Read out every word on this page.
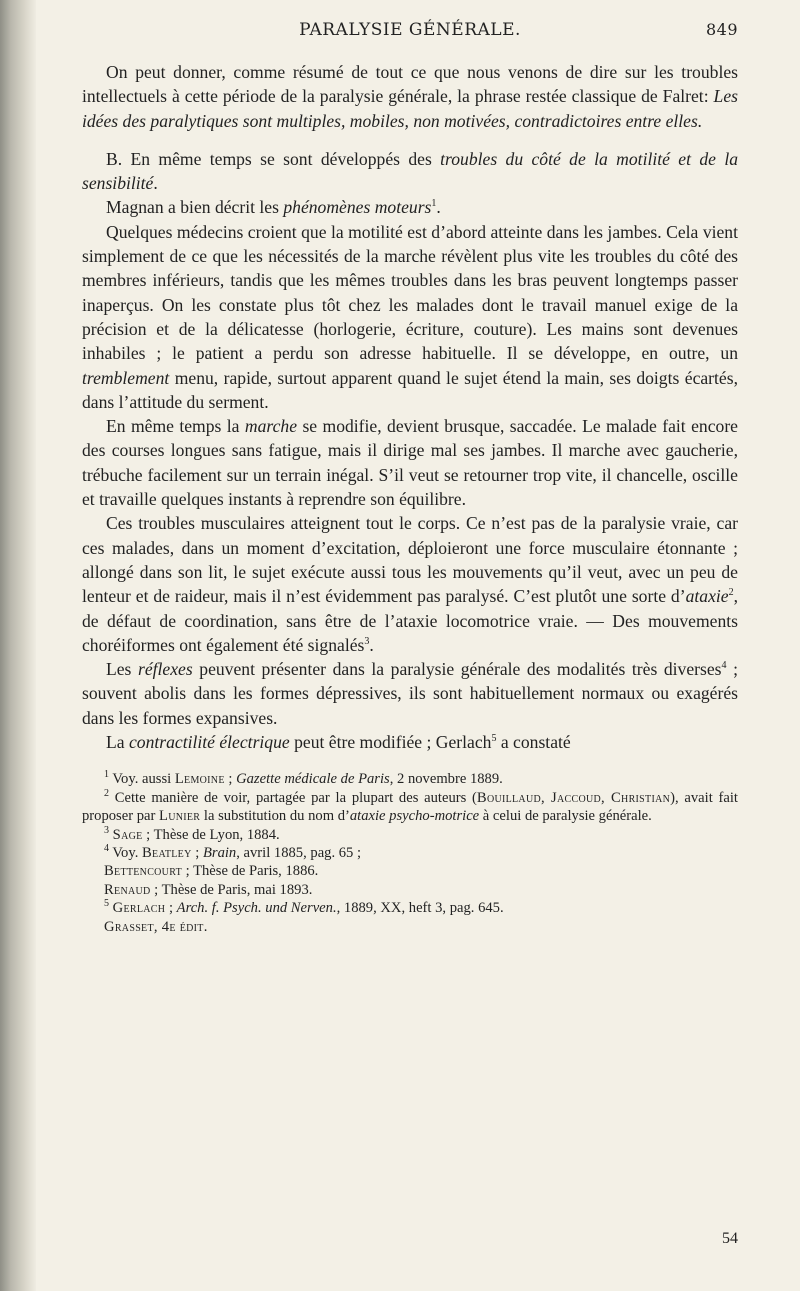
PARALYSIE GÉNÉRALE.	849

On peut donner, comme résumé de tout ce que nous venons de dire sur les troubles intellectuels à cette période de la paralysie générale, la phrase restée classique de Falret: Les idées des paralytiques sont multiples, mobiles, non motivées, contradictoires entre elles.

B. En même temps se sont développés des troubles du côté de la motilité et de la sensibilité.

Magnan a bien décrit les phénomènes moteurs$^1$.

Quelques médecins croient que la motilité est d’abord atteinte dans les jambes. Cela vient simplement de ce que les nécessités de la marche révèlent plus vite les troubles du côté des membres inférieurs, tandis que les mêmes troubles dans les bras peuvent longtemps passer inaperçus. On les constate plus tôt chez les malades dont le travail manuel exige de la précision et de la délicatesse (horlogerie, écriture, couture). Les mains sont devenues inhabiles ; le patient a perdu son adresse habituelle. Il se développe, en outre, un tremblement menu, rapide, surtout apparent quand le sujet étend la main, ses doigts écartés, dans l’attitude du serment.

En même temps la marche se modifie, devient brusque, saccadée. Le malade fait encore des courses longues sans fatigue, mais il dirige mal ses jambes. Il marche avec gaucherie, trébuche facilement sur un terrain inégal. S’il veut se retourner trop vite, il chancelle, oscille et travaille quelques instants à reprendre son équilibre.

Ces troubles musculaires atteignent tout le corps. Ce n’est pas de la paralysie vraie, car ces malades, dans un moment d’excitation, déploieront une force musculaire étonnante ; allongé dans son lit, le sujet exécute aussi tous les mouvements qu’il veut, avec un peu de lenteur et de raideur, mais il n’est évidemment pas paralysé. C’est plutôt une sorte d’ataxie$^2$, de défaut de coordination, sans être de l’ataxie locomotrice vraie. — Des mouvements choréiformes ont également été signalés$^3$.

Les réflexes peuvent présenter dans la paralysie générale des modalités très diverses$^4$ ; souvent abolis dans les formes dépressives, ils sont habituellement normaux ou exagérés dans les formes expansives.

La contractilité électrique peut être modifiée ; Gerlach$^5$ a constaté

$^1$ Voy. aussi Lemoine ; Gazette médicale de Paris, 2 novembre 1889.
$^2$ Cette manière de voir, partagée par la plupart des auteurs (Bouillaud, Jaccoud, Christian), avait fait proposer par Lunier la substitution du nom d’ataxie psycho-motrice à celui de paralysie générale.
$^3$ Sage ; Thèse de Lyon, 1884.
$^4$ Voy. Beatley ; Brain, avril 1885, pag. 65 ;
Bettencourt ; Thèse de Paris, 1886.
Renaud ; Thèse de Paris, mai 1893.
$^5$ Gerlach ; Arch. f. Psych. und Nerven., 1889, XX, heft 3, pag. 645.
Grasset, 4e édit.
54
